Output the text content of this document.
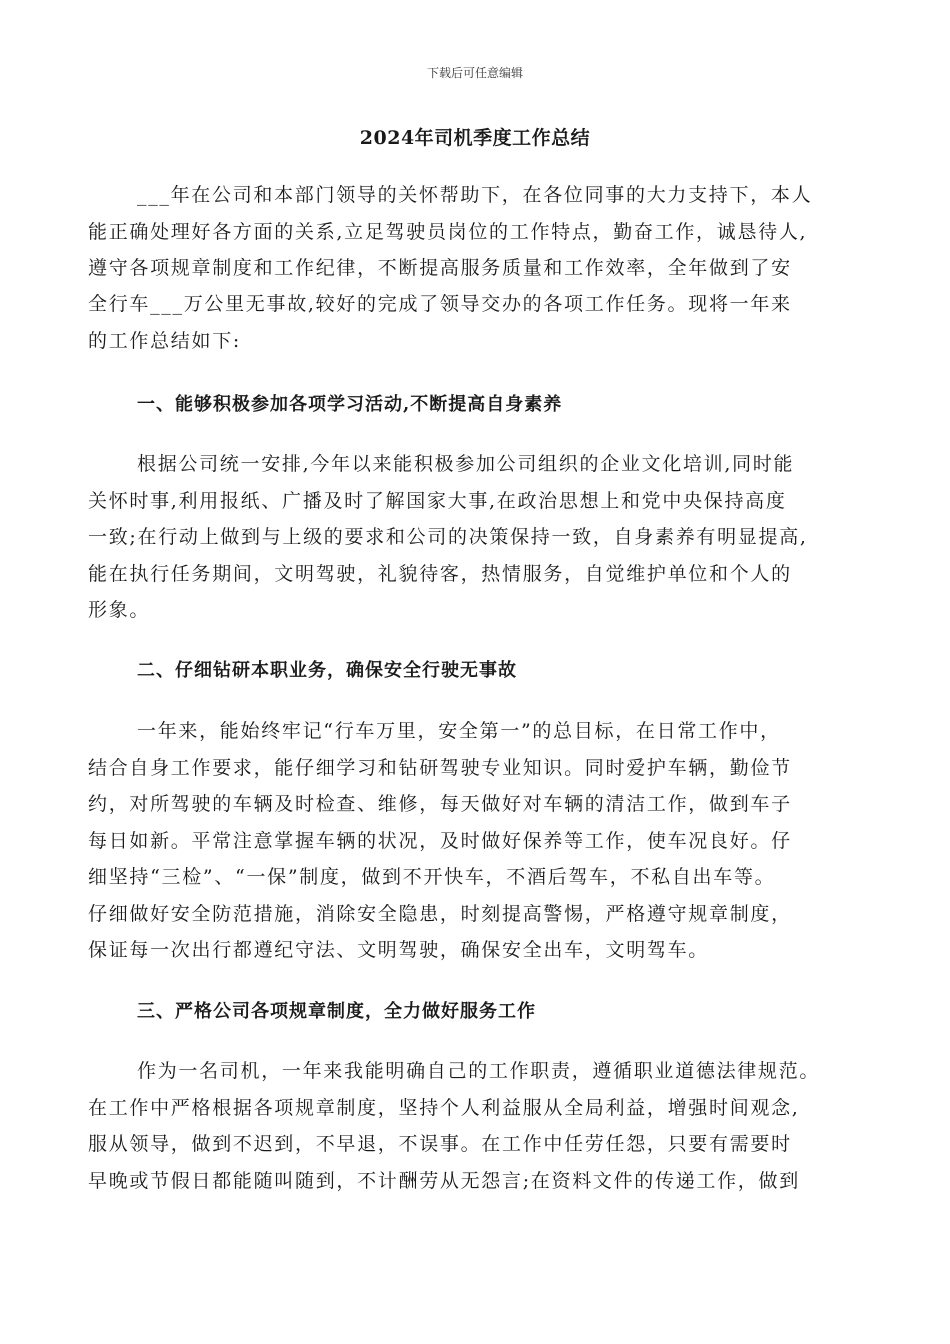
下载后可任意编辑
2024年司机季度工作总结
___年在公司和本部门领导的关怀帮助下，在各位同事的大力支持下，本人
能正确处理好各方面的关系,立足驾驶员岗位的工作特点，勤奋工作，诚恳待人,
遵守各项规章制度和工作纪律，不断提高服务质量和工作效率，全年做到了安
全行车___万公里无事故,较好的完成了领导交办的各项工作任务。现将一年来
的工作总结如下:
一、能够积极参加各项学习活动,不断提高自身素养
根据公司统一安排,今年以来能积极参加公司组织的企业文化培训,同时能
关怀时事,利用报纸、广播及时了解国家大事,在政治思想上和党中央保持高度
一致;在行动上做到与上级的要求和公司的决策保持一致，自身素养有明显提高,
能在执行任务期间，文明驾驶，礼貌待客，热情服务，自觉维护单位和个人的
形象。
二、仔细钻研本职业务，确保安全行驶无事故
一年来，能始终牢记“行车万里，安全第一”的总目标，在日常工作中，
结合自身工作要求，能仔细学习和钻研驾驶专业知识。同时爱护车辆，勤俭节
约，对所驾驶的车辆及时检查、维修，每天做好对车辆的清洁工作，做到车子
每日如新。平常注意掌握车辆的状况，及时做好保养等工作，使车况良好。仔
细坚持“三检”、“一保”制度，做到不开快车，不酒后驾车，不私自出车等。
仔细做好安全防范措施，消除安全隐患，时刻提高警惕，严格遵守规章制度，
保证每一次出行都遵纪守法、文明驾驶，确保安全出车，文明驾车。
三、严格公司各项规章制度，全力做好服务工作
作为一名司机，一年来我能明确自己的工作职责，遵循职业道德法律规范。
在工作中严格根据各项规章制度，坚持个人利益服从全局利益，增强时间观念,
服从领导，做到不迟到，不早退，不误事。在工作中任劳任怨，只要有需要时
早晚或节假日都能随叫随到，不计酬劳从无怨言;在资料文件的传递工作，做到
